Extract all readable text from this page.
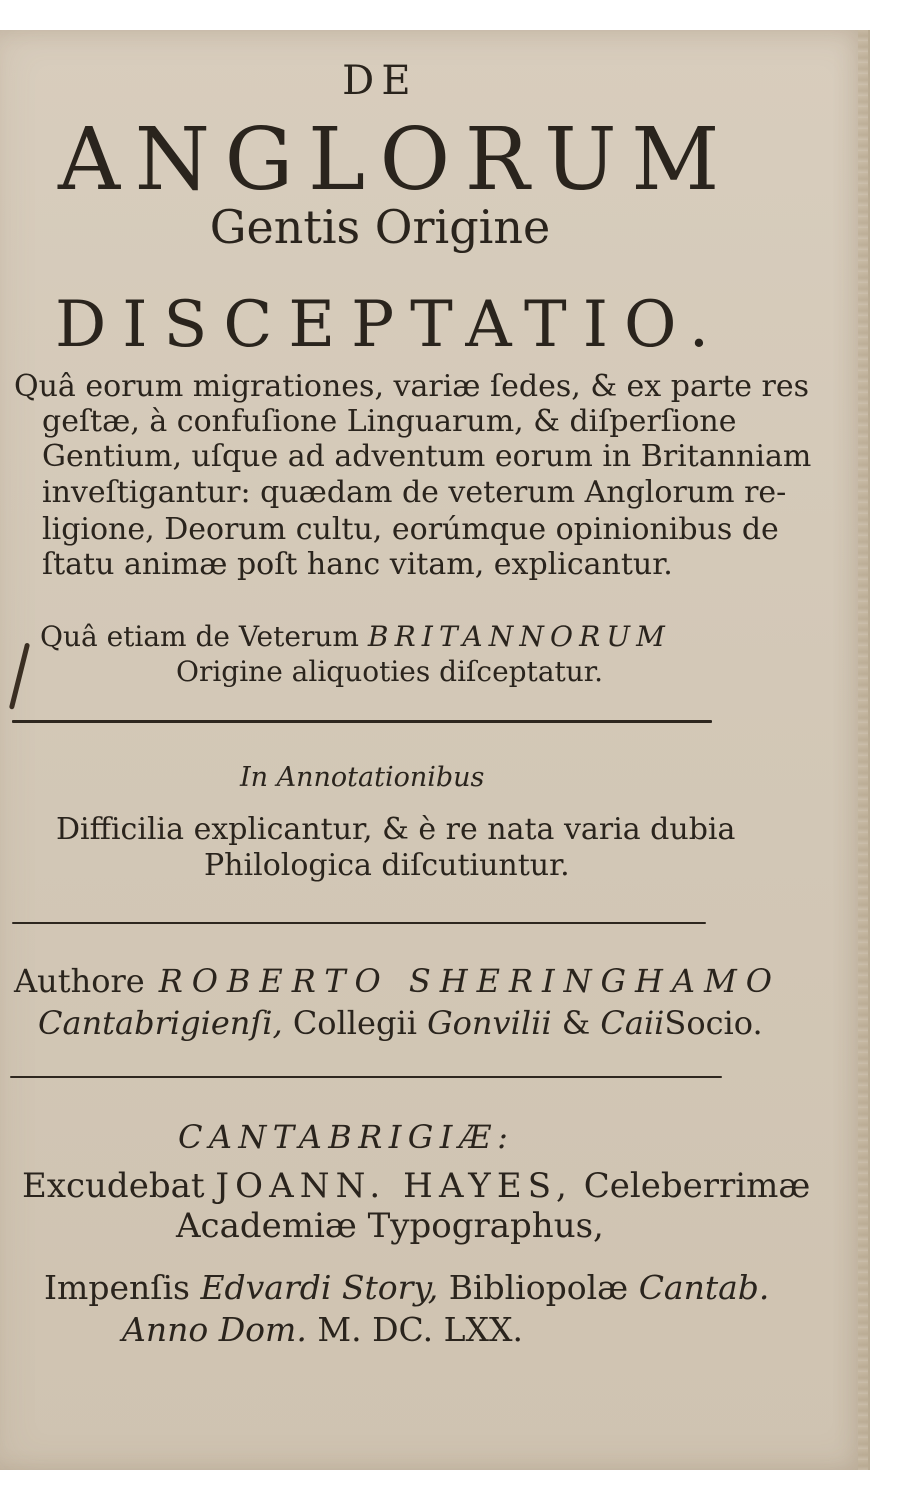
DE
ANGLORUM
Gentis Origine
DISCEPTATIO.
Quâ eorum migrationes, variæ ſedes, & ex parte res
geſtæ, à confuſione Linguarum, & diſperſione
Gentium, uſque ad adventum eorum in Britanniam
inveſtigantur: quædam de veterum Anglorum re-
ligione, Deorum cultu, eorúmque opinionibus de
ſtatu animæ poſt hanc vitam, explicantur.
Quâ etiam de Veterum BRITANNORUM
Origine aliquoties diſceptatur.
In Annotationibus
Difficilia explicantur, & è re nata varia dubia
Philologica diſcutiuntur.
Authore ROBERTO SHERINGHAMO
Cantabrigienſi, Collegii Gonvilii & CaiiSocio.
CANTABRIGIÆ:
Excudebat JOANN. HAYES, Celeberrimæ
Academiæ Typographus,
Impenſis Edvardi Story, Bibliopolæ Cantab.
Anno Dom. M. DC. LXX.
